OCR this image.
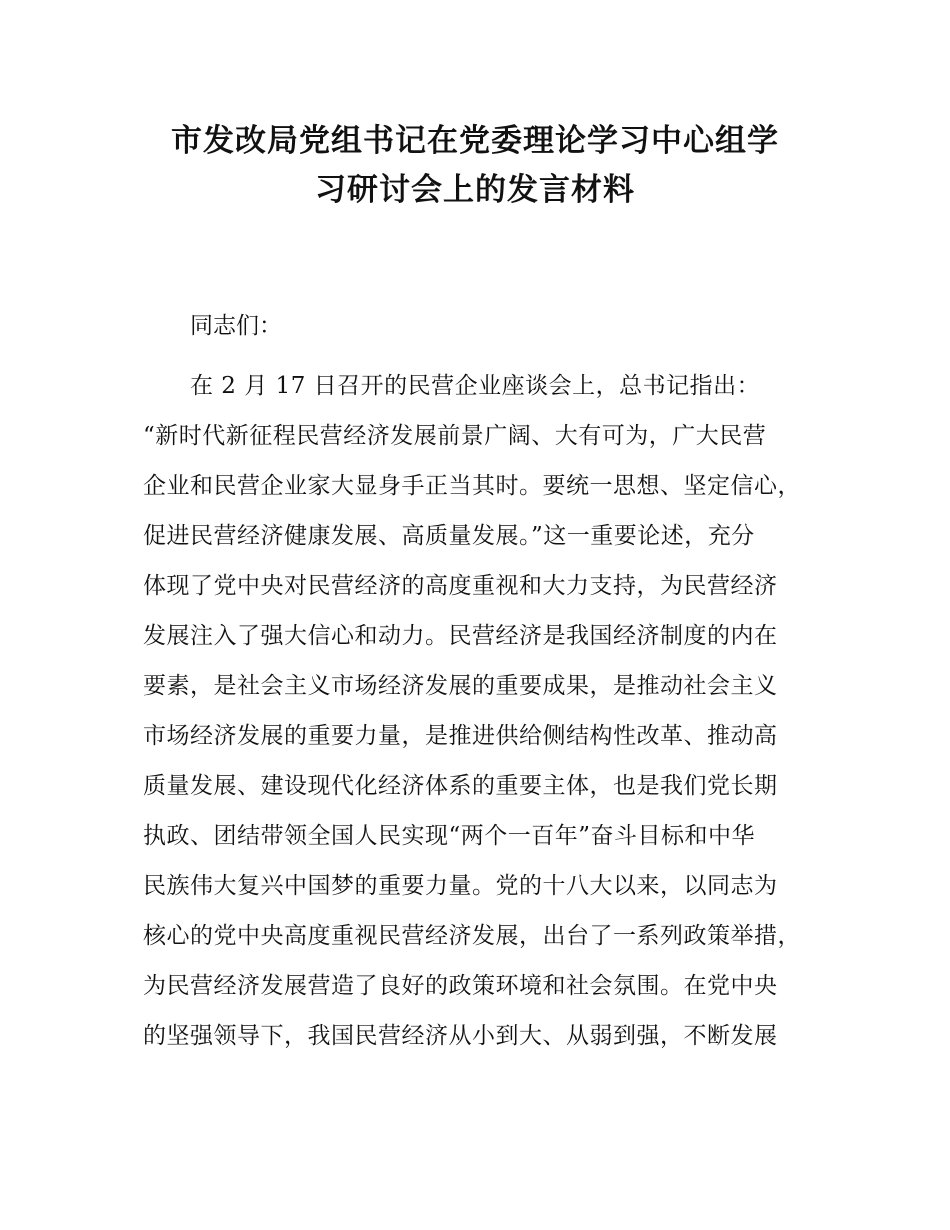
市发改局党组书记在党委理论学习中心组学
习研讨会上的发言材料

同志们：

在 2 月 17 日召开的民营企业座谈会上，总书记指出：

“新时代新征程民营经济发展前景广阔、大有可为，广大民营

企业和民营企业家大显身手正当其时。要统一思想、坚定信心，

促进民营经济健康发展、高质量发展。”这一重要论述，充分

体现了党中央对民营经济的高度重视和大力支持，为民营经济

发展注入了强大信心和动力。民营经济是我国经济制度的内在

要素，是社会主义市场经济发展的重要成果，是推动社会主义

市场经济发展的重要力量，是推进供给侧结构性改革、推动高

质量发展、建设现代化经济体系的重要主体，也是我们党长期

执政、团结带领全国人民实现“两个一百年”奋斗目标和中华

民族伟大复兴中国梦的重要力量。党的十八大以来，以同志为

核心的党中央高度重视民营经济发展，出台了一系列政策举措，

为民营经济发展营造了良好的政策环境和社会氛围。在党中央

的坚强领导下，我国民营经济从小到大、从弱到强，不断发展
